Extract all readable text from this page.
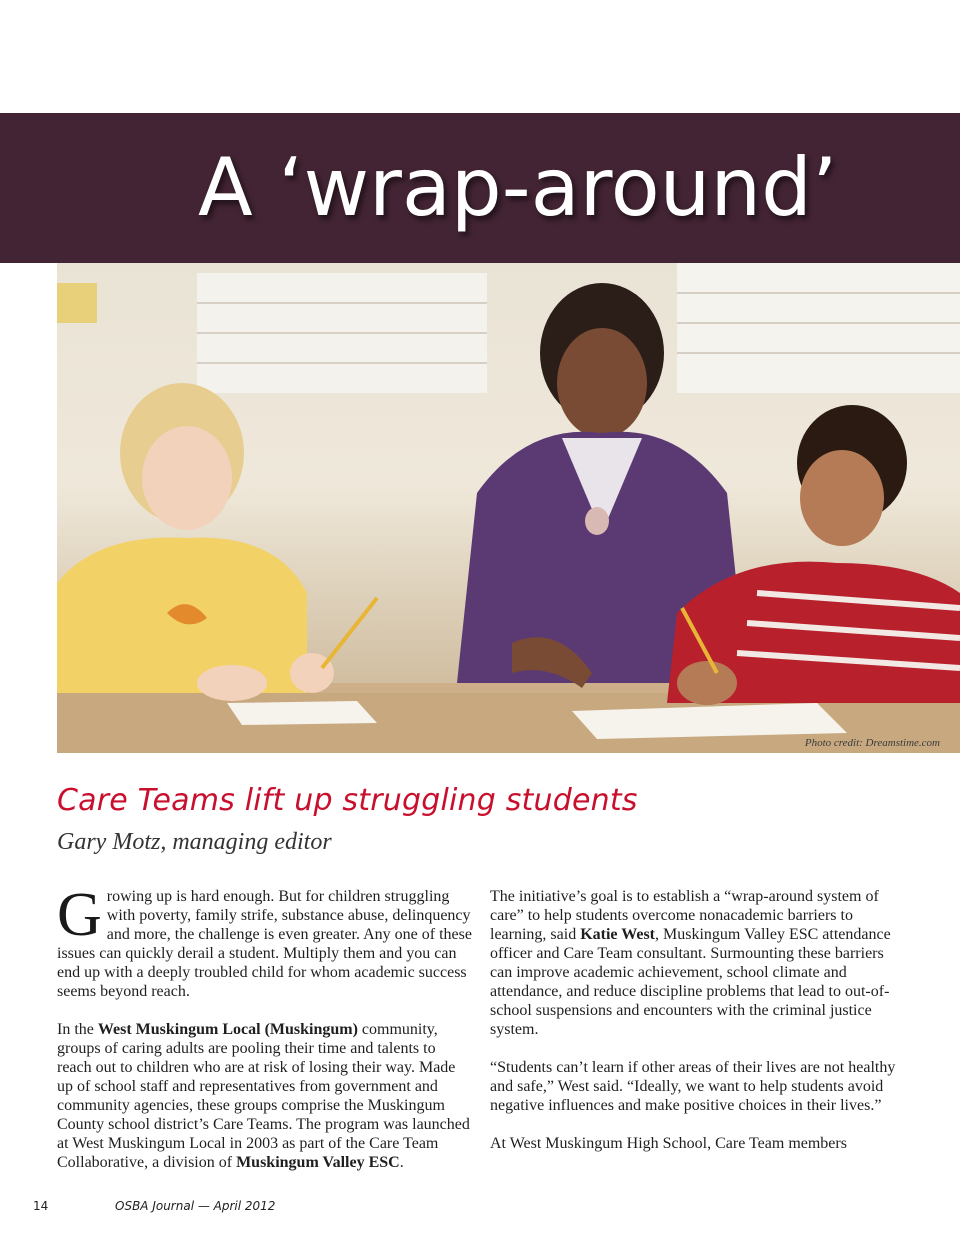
A ‘wrap-around’
Photo credit: Dreamstime.com
Care Teams lift up struggling students
Gary Motz, managing editor

Growing up is hard enough. But for children struggling with poverty, family strife, substance abuse, delinquency and more, the challenge is even greater. Any one of these issues can quickly derail a student. Multiply them and you can end up with a deeply troubled child for whom academic success seems beyond reach.

In the West Muskingum Local (Muskingum) community, groups of caring adults are pooling their time and talents to reach out to children who are at risk of losing their way. Made up of school staff and representatives from government and community agencies, these groups comprise the Muskingum County school district’s Care Teams. The program was launched at West Muskingum Local in 2003 as part of the Care Team Collaborative, a division of Muskingum Valley ESC.

The initiative’s goal is to establish a “wrap-around system of care” to help students overcome nonacademic barriers to learning, said Katie West, Muskingum Valley ESC attendance officer and Care Team consultant. Surmounting these barriers can improve academic achievement, school climate and attendance, and reduce discipline problems that lead to out-of-school suspensions and encounters with the criminal justice system.

“Students can’t learn if other areas of their lives are not healthy and safe,” West said. “Ideally, we want to help students avoid negative influences and make positive choices in their lives.”

At West Muskingum High School, Care Team members

14	OSBA Journal — April 2012
